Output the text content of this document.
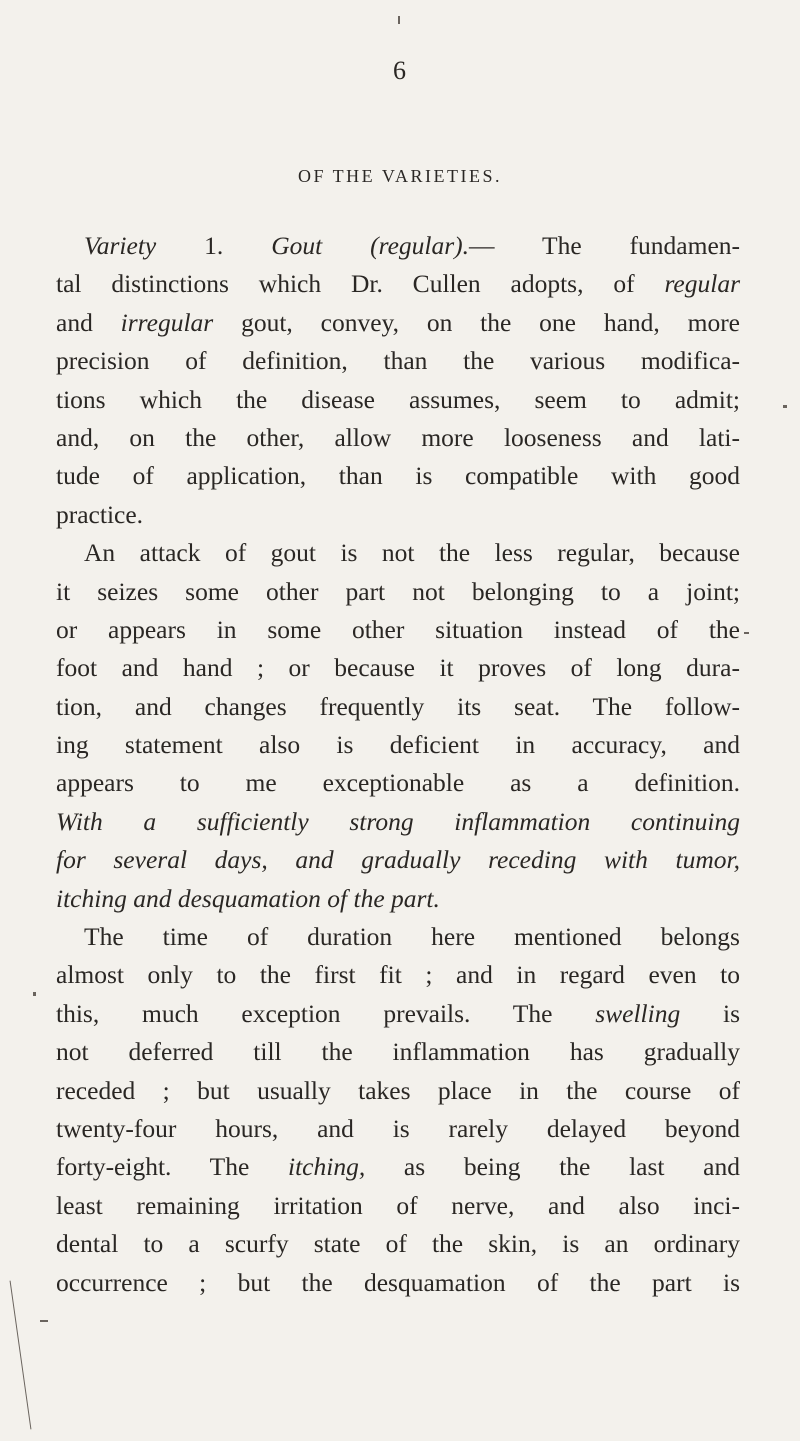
6
OF THE VARIETIES.
Variety 1. Gout (regular).— The fundamen-
tal distinctions which Dr. Cullen adopts, of regular
and irregular gout, convey, on the one hand, more
precision of definition, than the various modifica-
tions which the disease assumes, seem to admit;
and, on the other, allow more looseness and lati-
tude of application, than is compatible with good
practice.
An attack of gout is not the less regular, because
it seizes some other part not belonging to a joint;
or appears in some other situation instead of the
foot and hand ; or because it proves of long dura-
tion, and changes frequently its seat. The follow-
ing statement also is deficient in accuracy, and
appears to me exceptionable as a definition.
With a sufficiently strong inflammation continuing
for several days, and gradually receding with tumor,
itching and desquamation of the part.
The time of duration here mentioned belongs
almost only to the first fit ; and in regard even to
this, much exception prevails. The swelling is
not deferred till the inflammation has gradually
receded ; but usually takes place in the course of
twenty-four hours, and is rarely delayed beyond
forty-eight. The itching, as being the last and
least remaining irritation of nerve, and also inci-
dental to a scurfy state of the skin, is an ordinary
occurrence ; but the desquamation of the part is
